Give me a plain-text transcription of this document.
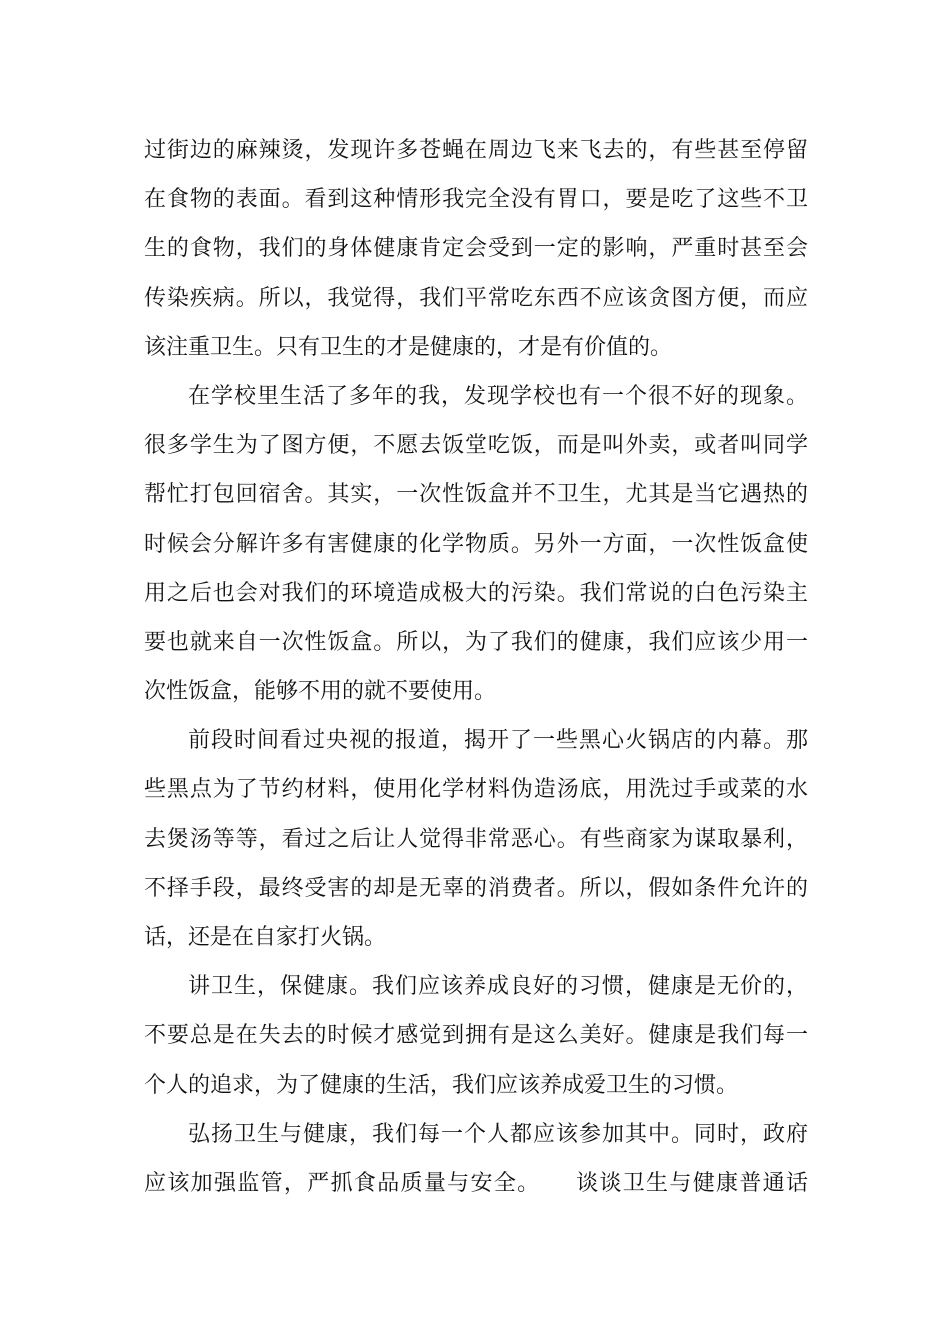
过街边的麻辣烫，发现许多苍蝇在周边飞来飞去的，有些甚至停留
在食物的表面。看到这种情形我完全没有胃口，要是吃了这些不卫
生的食物，我们的身体健康肯定会受到一定的影响，严重时甚至会
传染疾病。所以，我觉得，我们平常吃东西不应该贪图方便，而应
该注重卫生。只有卫生的才是健康的，才是有价值的。
在学校里生活了多年的我，发现学校也有一个很不好的现象。
很多学生为了图方便，不愿去饭堂吃饭，而是叫外卖，或者叫同学
帮忙打包回宿舍。其实，一次性饭盒并不卫生，尤其是当它遇热的
时候会分解许多有害健康的化学物质。另外一方面，一次性饭盒使
用之后也会对我们的环境造成极大的污染。我们常说的白色污染主
要也就来自一次性饭盒。所以，为了我们的健康，我们应该少用一
次性饭盒，能够不用的就不要使用。
前段时间看过央视的报道，揭开了一些黑心火锅店的内幕。那
些黑点为了节约材料，使用化学材料伪造汤底，用洗过手或菜的水
去煲汤等等，看过之后让人觉得非常恶心。有些商家为谋取暴利，
不择手段，最终受害的却是无辜的消费者。所以，假如条件允许的
话，还是在自家打火锅。
讲卫生，保健康。我们应该养成良好的习惯，健康是无价的，
不要总是在失去的时候才感觉到拥有是这么美好。健康是我们每一
个人的追求，为了健康的生活，我们应该养成爱卫生的习惯。
弘扬卫生与健康，我们每一个人都应该参加其中。同时，政府
应该加强监管，严抓食品质量与安全。　　谈谈卫生与健康普通话
